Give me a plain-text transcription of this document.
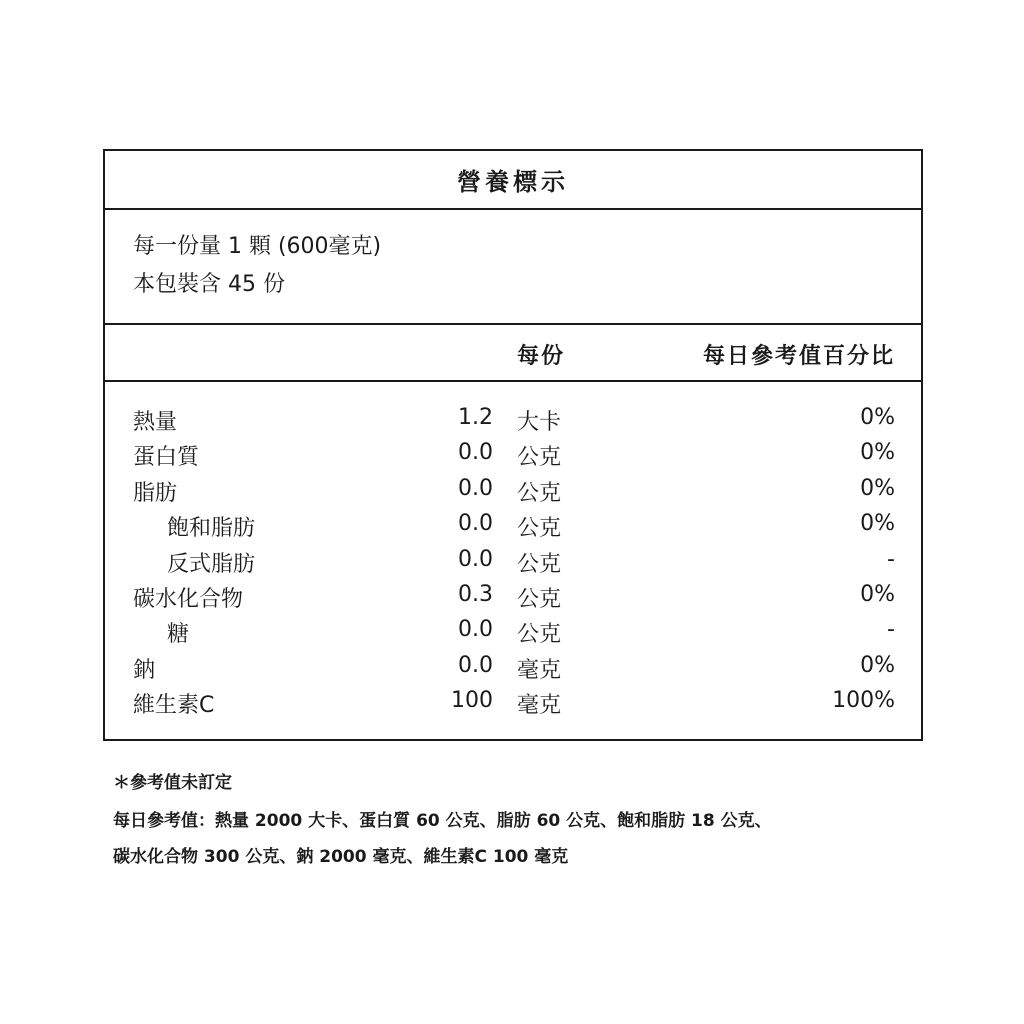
營養標示
每一份量 1 顆 (600毫克)
本包裝含 45 份
每份	每日參考值百分比
熱量	1.2 大卡	0%
蛋白質	0.0 公克	0%
脂肪	0.0 公克	0%
飽和脂肪	0.0 公克	0%
反式脂肪	0.0 公克	-
碳水化合物	0.3 公克	0%
糖	0.0 公克	-
鈉	0.0 毫克	0%
維生素C	100 毫克	100%
＊參考值未訂定
每日參考值：熱量 2000 大卡、蛋白質 60 公克、脂肪 60 公克、飽和脂肪 18 公克、
碳水化合物 300 公克、鈉 2000 毫克、維生素C 100 毫克
